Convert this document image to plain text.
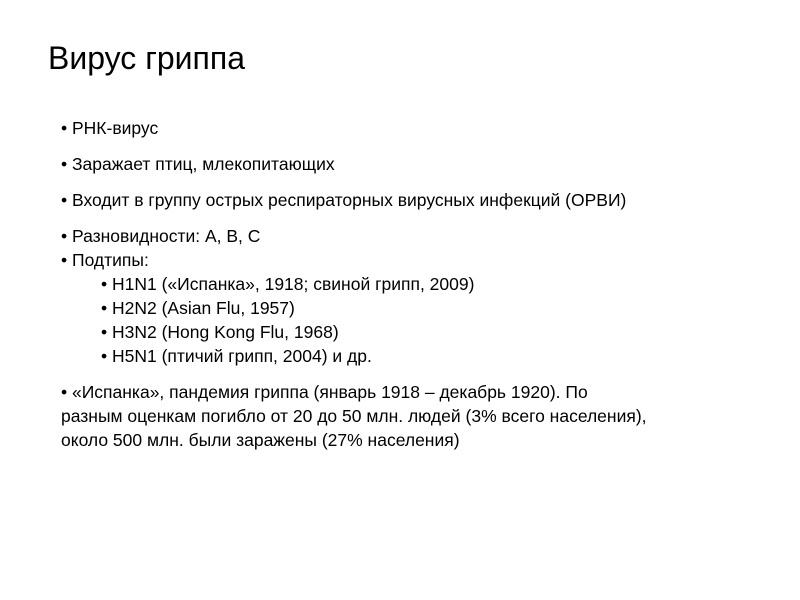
Вирус гриппа
• РНК-вирус
• Заражает птиц, млекопитающих
• Входит в группу острых респираторных вирусных инфекций (ОРВИ)
• Разновидности: A, B, C
• Подтипы:
• H1N1 («Испанка», 1918; свиной грипп, 2009)
• H2N2 (Asian Flu, 1957)
• H3N2 (Hong Kong Flu, 1968)
• H5N1 (птичий грипп, 2004) и др.
• «Испанка», пандемия гриппа (январь 1918 – декабрь 1920). По
разным оценкам погибло от 20 до 50 млн. людей (3% всего населения),
около 500 млн. были заражены (27% населения)
